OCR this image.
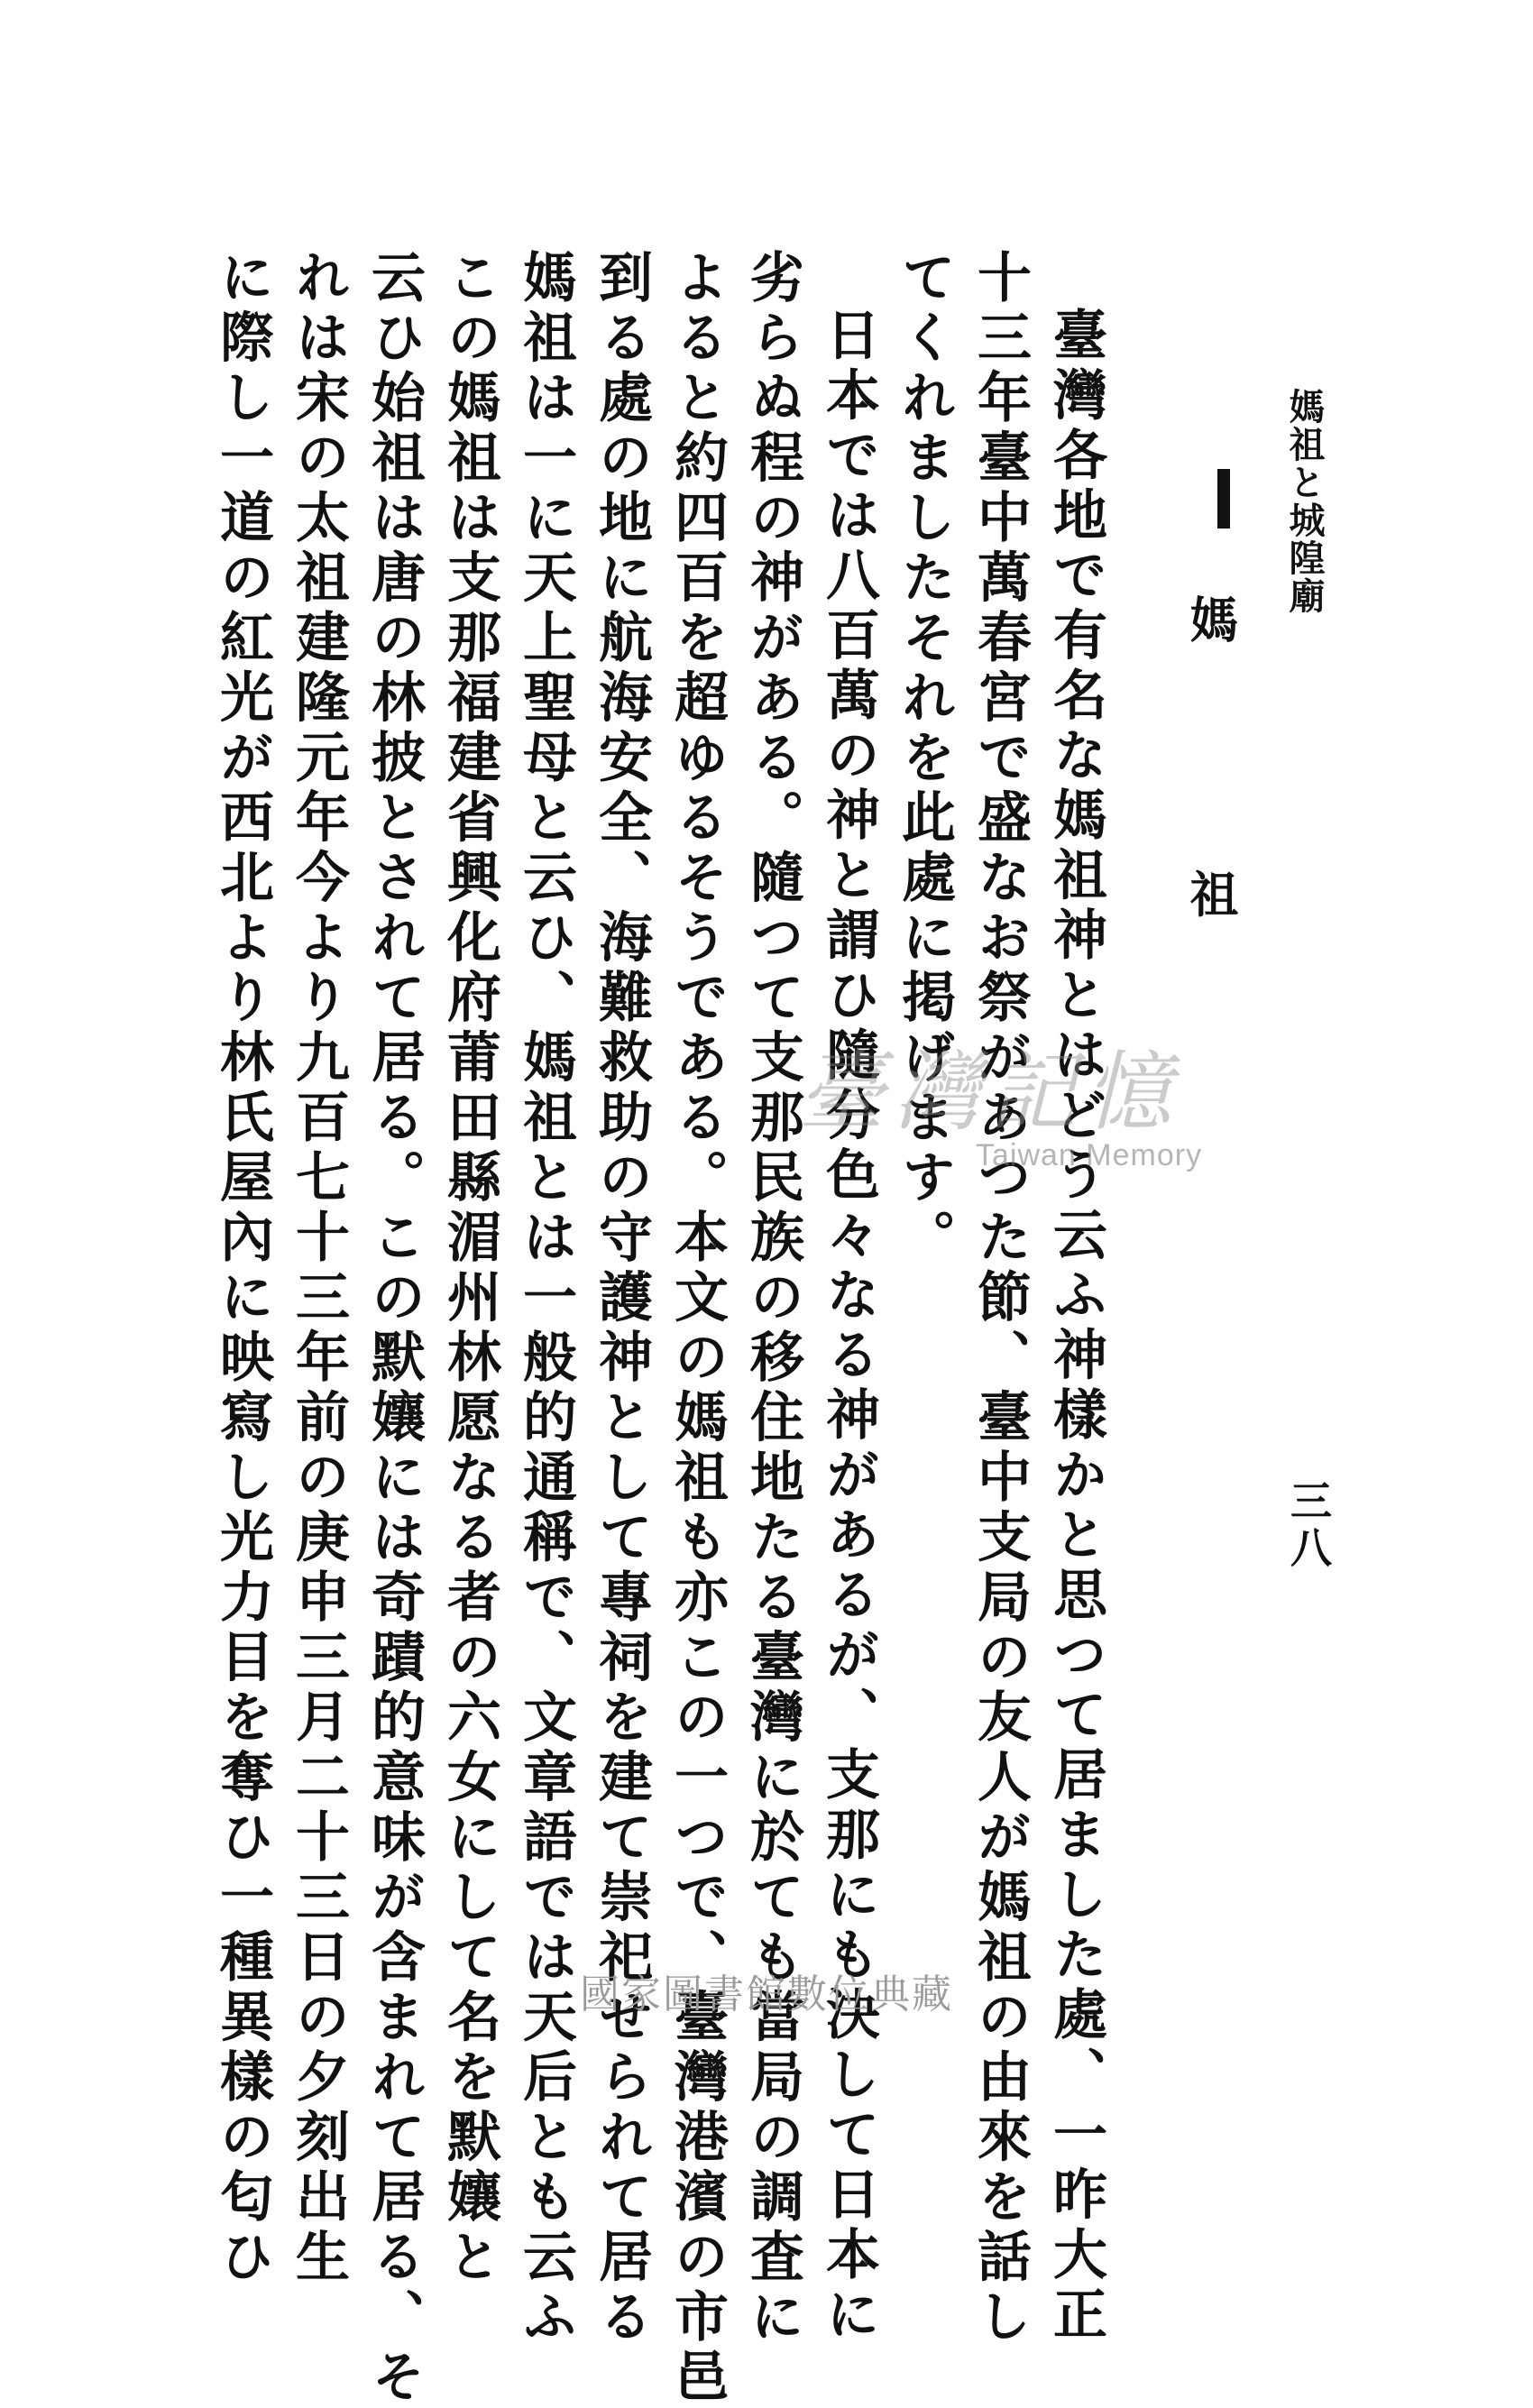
媽祖と城隍廟
三八
媽 祖
臺灣各地で有名な媽祖神とはどう云ふ神樣かと思つて居ました處、一昨大正
十三年臺中萬春宮で盛なお祭があつた節、臺中支局の友人が媽祖の由來を話し
てくれましたそれを此處に掲げます。
日本では八百萬の神と謂ひ隨分色々なる神があるが、支那にも決して日本に
劣らぬ程の神がある。隨つて支那民族の移住地たる臺灣に於ても當局の調査に
よると約四百を超ゆるそうである。本文の媽祖も亦この一つで、臺灣港濱の市邑
到る處の地に航海安全、海難救助の守護神として專祠を建て崇祀せられて居る
媽祖は一に天上聖母と云ひ、媽祖とは一般的通稱で、文章語では天后とも云ふ
この媽祖は支那福建省興化府莆田縣湄州林愿なる者の六女にして名を默孃と
云ひ始祖は唐の林披とされて居る。この默孃には奇蹟的意味が含まれて居る、そ
れは宋の太祖建隆元年今より九百七十三年前の庚申三月二十三日の夕刻出生
に際し一道の紅光が西北より林氏屋內に映寫し光力目を奪ひ一種異樣の匂ひ	臺灣記憶
Taiwan Memory
國家圖書館數位典藏
